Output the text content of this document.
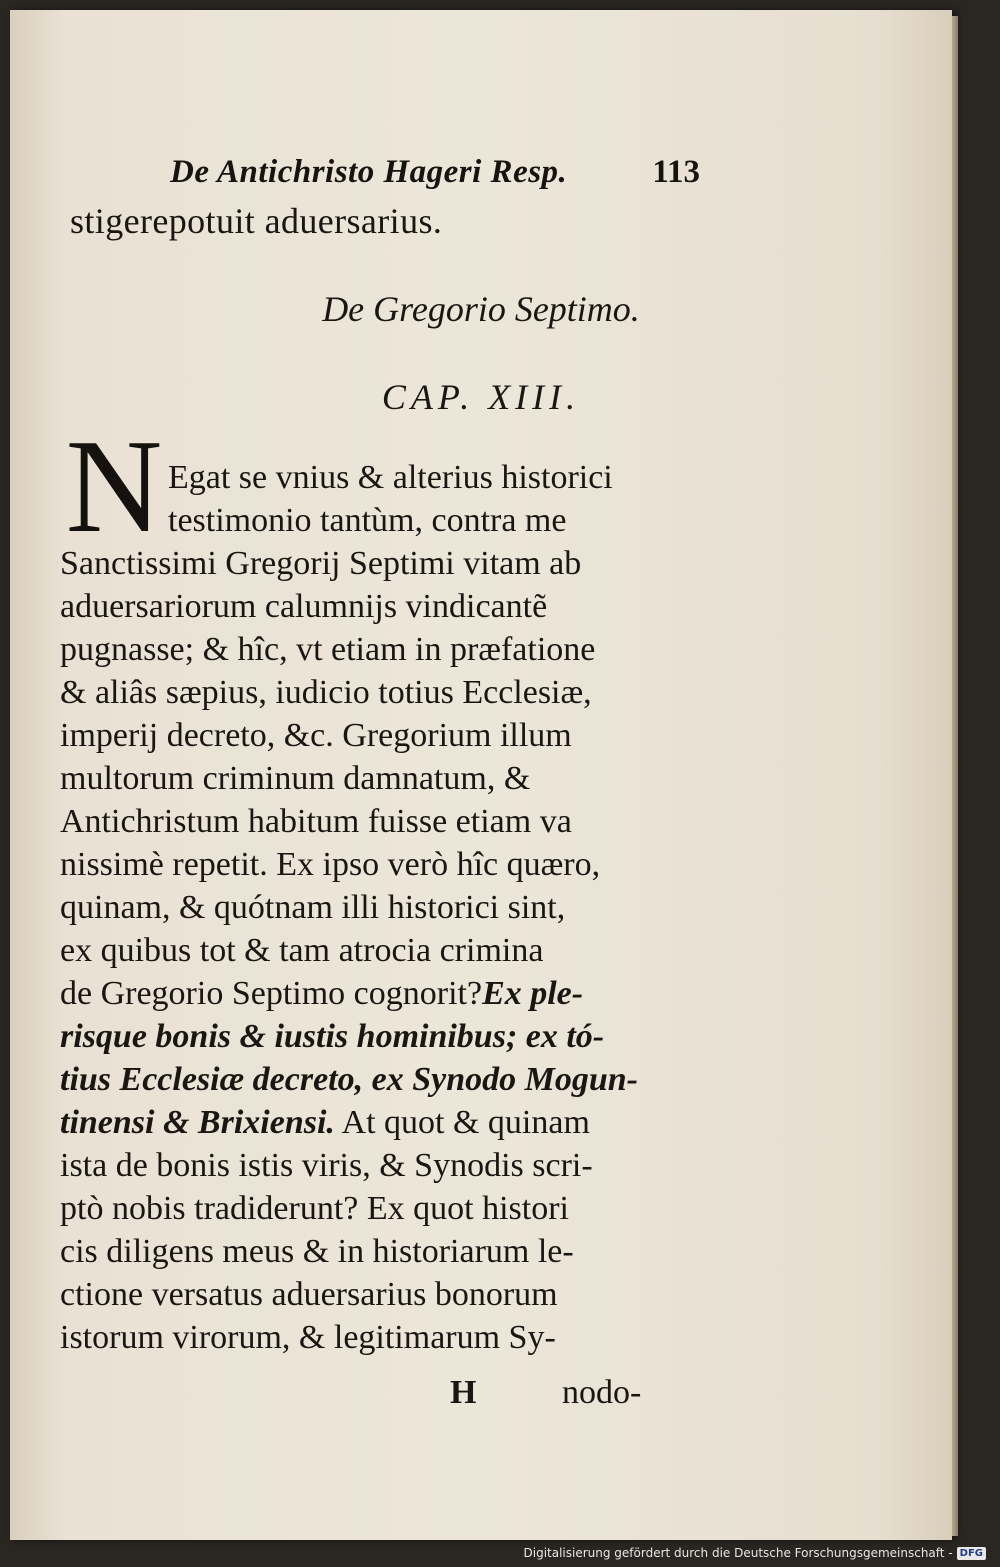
De Antichristo Hageri Resp.	113
stigerepotuit aduersarius.
De Gregorio Septimo.
CAP. XIII.
N Egat se vnius & alterius historici
testimonio tantùm, contra me
Sanctissimi Gregorij Septimi vitam ab
aduersariorum calumnijs vindicantẽ
pugnasse; & hîc, vt etiam in præfatione
& aliâs sæpius, iudicio totius Ecclesiæ,
imperij decreto, &c. Gregorium illum
multorum criminum damnatum, &
Antichristum habitum fuisse etiam va
nissimè repetit. Ex ipso verò hîc quæro,
quinam, & quótnam illi historici sint,
ex quibus tot & tam atrocia crimina
de Gregorio Septimo cognorit?Ex ple-
risque bonis & iustis hominibus; ex tó-
tius Ecclesiæ decreto, ex Synodo Mogun-
tinensi & Brixiensi. At quot & quinam
ista de bonis istis viris, & Synodis scri-
ptò nobis tradiderunt? Ex quot histori
cis diligens meus & in historiarum le-
ctione versatus aduersarius bonorum
istorum virorum, & legitimarum Sy-
H	nodo-
Digitalisierung gefördert durch die Deutsche Forschungsgemeinschaft - DFG
